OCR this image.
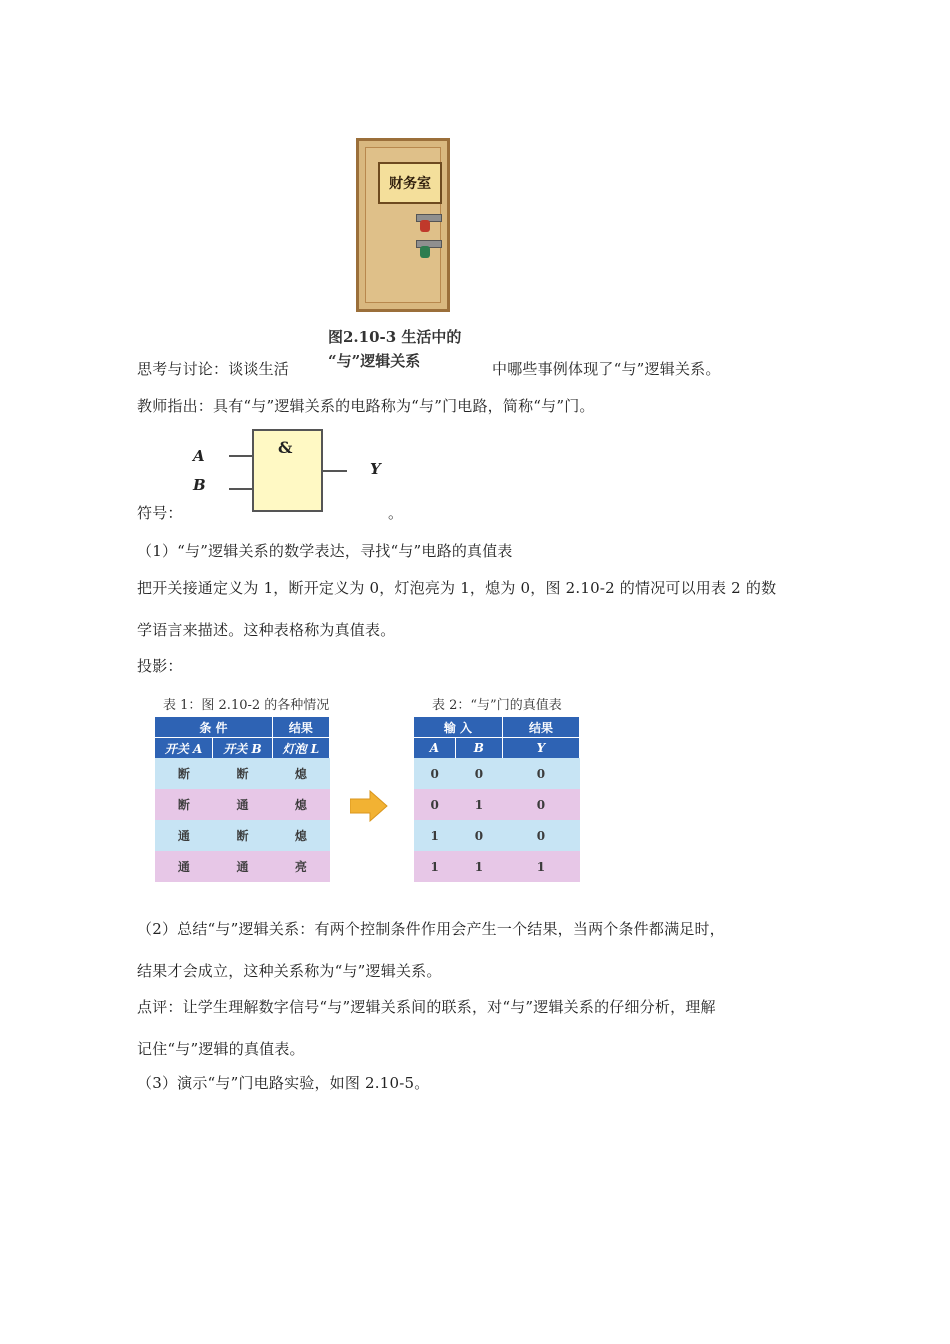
财务室
图2.10-3 生活中的
“与”逻辑关系
思考与讨论：谈谈生活	中哪些事例体现了“与”逻辑关系。
教师指出：具有“与”逻辑关系的电路称为“与”门电路，简称“与”门。
&
A
B
Y
符号：	。
（1）“与”逻辑关系的数学表达，寻找“与”电路的真值表
把开关接通定义为 1，断开定义为 0，灯泡亮为 1，熄为 0，图 2.10-2 的情况可以用表 2 的数
学语言来描述。这种表格称为真值表。
投影：
表 1：图 2.10-2 的各种情况
条 件		结果
开关 A	开关 B	灯泡 L
断	断	熄
断	通	熄
通	断	熄
通	通	亮
表 2：“与”门的真值表
输 入		结果
A	B	Y
0	0	0
0	1	0
1	0	0
1	1	1
（2）总结“与”逻辑关系：有两个控制条件作用会产生一个结果，当两个条件都满足时，
结果才会成立，这种关系称为“与”逻辑关系。
点评：让学生理解数字信号“与”逻辑关系间的联系，对“与”逻辑关系的仔细分析，理解
记住“与”逻辑的真值表。
（3）演示“与”门电路实验，如图 2.10-5。
